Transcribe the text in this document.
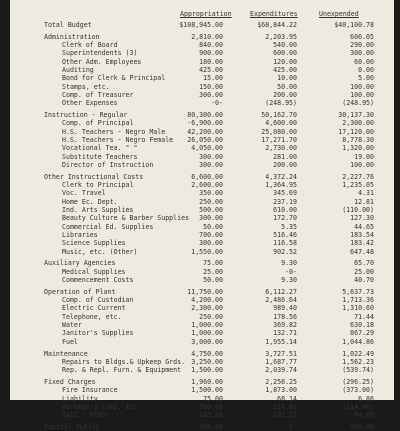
Appropriation	Expenditures	Unexpended
Total Budget	$108,945.00	$68,844.22	$40,100.78
Administration	2,810.00	2,203.95	606.05
Clerk of Board	840.00	540.00	290.00
Superintendents (3)	900.00	600.00	300.00
Other Adm. Employees	180.00	120.00	60.00
Auditing	425.00	425.00	0.00
Bond for Clerk & Principal	15.00	10.00	5.00
Stamps, etc.	150.00	50.00	100.00
Comp. of Treasurer	300.00	200.00	100.00
Other Expenses	-0-	(248.95)	(248.95)
Instruction - Regular	80,300.00	50,162.70	30,137.30
Comp. of Principal	-6,900.00	4,600.00	2,300.00
H.S. Teachers - Negro Male	42,200.00	25,080.00	17,120.00
H.S. Teachers - Negro Female	26,050.00	17,271.70	8,778.30
Vocational Tea. " "	4,050.00	2,730.00	1,320.00
Substitute Teachers	300.00	281.00	19.00
Director of Instruction	300.00	200.00	100.00
Other Instructional Costs	6,600.00	4,372.24	2,227.76
Clerk to Principal	2,600.00	1,364.95	1,235.05
Voc. Travel	350.00	345.69	4.31
Home Ec. Dept.	250.00	237.19	12.81
Ind. Arts Supplies	500.00	610.00	(110.00)
Beauty Culture & Barber Supplies	300.00	172.70	127.30
Commercial Ed. Supplies	50.00	5.35	44.65
Libraries	700.00	516.46	183.54
Science Supplies	300.00	116.58	183.42
Music, etc. (Other)	1,550.00	902.52	647.48
Auxiliary Agencies	75.00	9.30	65.70
Medical Supplies	25.00	-0-	25.00
Commencement Costs	50.00	9.30	40.70
Operation of Plant	11,750.00	6,112.27	5,637.73
Comp. of Custodian	4,200.00	2,486.64	1,713.36
Electric Current	2,300.00	989.40	1,310.60
Telephone, etc.	250.00	178.56	71.44
Water	1,000.00	369.82	630.18
Janitor's Supplies	1,000.00	132.71	867.29
Fuel	3,000.00	1,955.14	1,044.86
Maintenance	4,750.00	3,727.51	1,022.49
Repairs to Bldgs.& Upkeep Grds. 3,250.00	1,687.77	1,562.23
Rep. & Repl. Furn. & Equipment	1,500.00	2,039.74	(539.74)
Fixed Charges	1,960.00	2,256.25	(296.25)
Fire Insurance	1,500.00	1,873.00	(373.00)
Liability	75.00	68.14	6.86
Workmen's Comp. Ins.	200.00	314.00	(114.00)
OASI - Other	185.00	101.31	84.69
Capital Outlay	500.00	-0-	500.00
